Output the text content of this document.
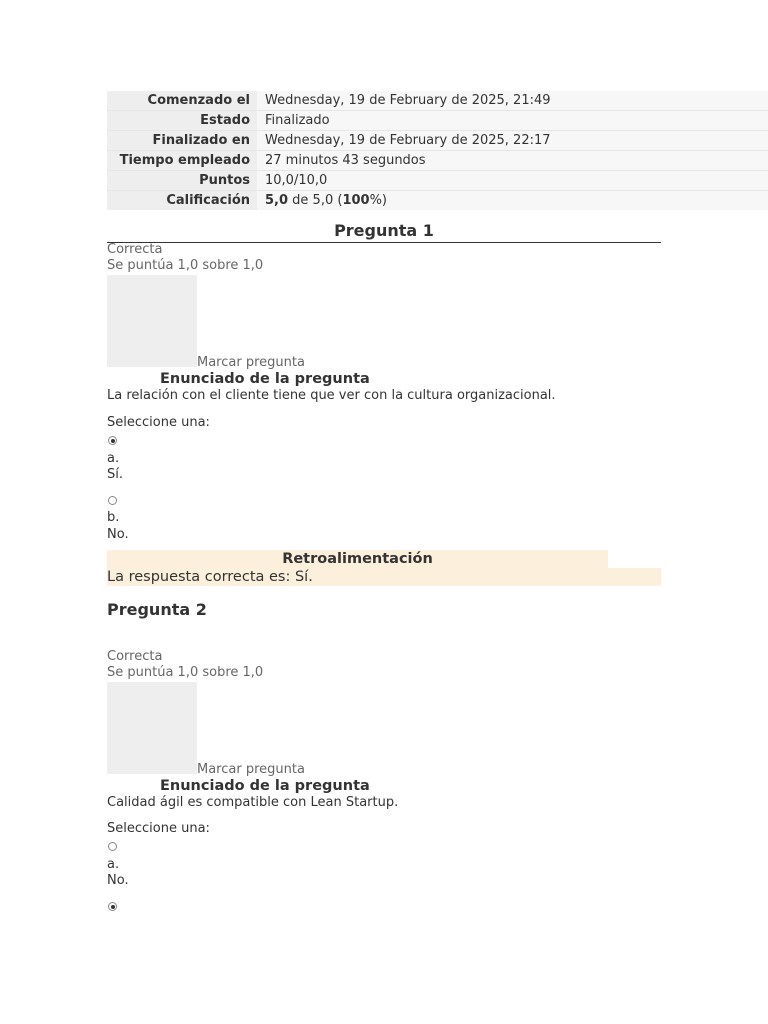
Comenzado el	Wednesday, 19 de February de 2025, 21:49
Estado	Finalizado
Finalizado en	Wednesday, 19 de February de 2025, 22:17
Tiempo empleado	27 minutos 43 segundos
Puntos	10,0/10,0
Calificación	5,0 de 5,0 (100%)
Pregunta 1
Correcta
Se puntúa 1,0 sobre 1,0
Marcar pregunta
Enunciado de la pregunta
La relación con el cliente tiene que ver con la cultura organizacional.
Seleccione una:
a.
Sí.
b.
No.
Retroalimentación
La respuesta correcta es: Sí.
Pregunta 2
Correcta
Se puntúa 1,0 sobre 1,0
Marcar pregunta
Enunciado de la pregunta
Calidad ágil es compatible con Lean Startup.
Seleccione una:
a.
No.
